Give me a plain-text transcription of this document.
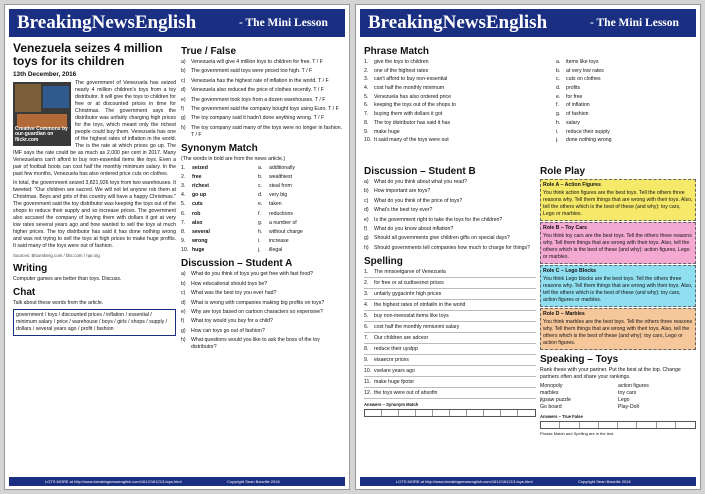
BreakingNewsEnglish	- The Mini Lesson
Venezuela seizes 4 million toys for its children
13th December, 2016
Creative Commons by our-guardian on flickr.com

The government of Venezuela has seized nearly 4 million children's toys from a toy distributor. It will give the toys to children for free or at discounted prices in time for Christmas. The government says the distributor was unfairly charging high prices for the toys, which meant only the richest people could buy them. Venezuela has one of the highest rates of inflation in the world. The is the rate at which prices go up. The IMF says the rate could be as much as 2,000 per cent in 2017. Many Venezuelans can't afford to buy non-essential items like toys. Even a pair of football boots can cost half the monthly minimum salary. In the past few months, Venezuela has also ordered price cuts on clothes.

In total, the government seized 3,821,926 toys from two warehouses. It tweeted: "Our children are sacred. We will not let anyone rob them at Christmas. Boys and girls of this country will have a happy Christmas." The government said the toy distributor was keeping the toys out of the shops to reduce their supply and so increase prices. The government also accused the company of buying them with dollars it got at very low rates several years ago and how wanted to sell the toys at much higher prices. The toy distributor has said it has done nothing wrong and was not trying to sell the toys at high prices to make huge profits. It said many of the toys were out of fashion.

Sources: Bloomberg.com / bbc.com / npr.org
Writing
Computer games are better than toys. Discuss.
Chat
Talk about these words from the article.
government / toys / discounted prices / inflation / essential / minimum salary / price / warehouse / boys / girls / shops / supply / dollars / several years ago / profit / fashion
True / False
a)	Venezuela will give 4 million toys to children for free. T / F
b)	The government said toys were priced too high. T / F
c)	Venezuela has the highest rate of inflation in the world. T / F
d)	Venezuela also reduced the price of clothes recently. T / F
e)	The government took toys from a dozen warehouses. T / F
f)	The government said the company bought toys using Euro. T / F
g)	The toy company said it hadn't done anything wrong. T / F
h)	The toy company said many of the toys were no longer in fashion. T / F
Synonym Match
(The words in bold are from the news article.)
1.	seized	a.	additionally
2.	free	b.	wealthiest
3.	richest	c.	steal from
4.	go up	d.	very big
5.	cuts	e.	taken
6.	rob	f.	reductions
7.	also	g.	a number of
8.	several	h.	without charge
9.	wrong	i.	increase
10. huge	j.	illegal
Discussion – Student A
a)	What do you think of toys you get free with fast food?
b)	How educational should toys be?
c)	What was the best toy you ever had?
d)	What is wrong with companies making big profits on toys?
e)	Why are toys based on cartoon characters so expensive?
f)	What toy would you buy for a child?
g)	How can toys go out of fashion?
h)	What questions would you like to ask the boss of the toy distributor?
LOTS MORE at http://www.breakingnewsenglish.com/1612/161213-toys.html	Copyright Sean Banville 2016
BreakingNewsEnglish	- The Mini Lesson
Phrase Match
1.	give the toys to children	a.	items like toys
2.	one of the highest rates	b.	at very low rates
3.	can't afford to buy non-essential	c.	cuts on clothes
4.	cost half the monthly minimum	d.	profits
5.	Venezuela has also ordered price	e.	for free
6.	keeping the toys out of the shops to	f.	of inflation
7.	buying them with dollars it got	g.	of fashion
8.	The toy distributor has said it has	h.	salary
9.	make huge	i.	reduce their supply
10. It said many of the toys were out	j.	done nothing wrong
Discussion – Student B
a)	What do you think about what you read?
b)	How important are toys?
c)	What do you think of the price of toys?
d)	What's the best toy ever?
e)	Is the government right to take the toys for the children?
f)	What do you know about inflation?
g)	Should all governments give children gifts on special days?
h)	Should governments tell companies how much to charge for things?
Spelling
1.	The mnsoetgarve of Venezuela
2.	for free or at cudtsesnoi prices
3.	unfairly gygacinhr high prices
4.	the highest rates of otnfaiiln in the world
5.	buy non-ineesslat items like toys
6.	cost half the monthly mmiunmi salary
7.	Our children are adcesr
8.	reduce their uyslpp
9.	eisaecnr prices
10. vselare years ago
11. make huge fpotsr
12. the toys were out of ahsofin
Answers – Synonym Match
Role Play
Role A – Action Figures
You think action figures are the best toys. Tell the others three reasons why. Tell them things that are wrong with their toys. Also, tell the others which is the best of these (and why): toy cars, Lego or marbles.
Role B – Toy Cars
You think toy cars are the best toys. Tell the others three reasons why. Tell them things that are wrong with their toys. Also, tell the others which is the best of these (and why): action figures, Lego or marbles.
Role C – Lego Blocks
You think Lego blocks are the best toys. Tell the others three reasons why. Tell them things that are wrong with their toys. Also, tell the others which is the best of these (and why): toy cars, action figures or marbles.
Role D – Marbles
You think marbles are the best toys. Tell the others three reasons why. Tell them things that are wrong with their toys. Also, tell the others which is the best of these (and why): toy cars, Lego or action figures.
Speaking – Toys
Rank these with your partner. Put the best at the top. Change partners often and share your rankings.
Monopoly	action figures
marbles	toy cars
jigsaw puzzle	Lego
Go board	Play-Doh
Answers – True False
Phrase Match and Spelling are in the text.
LOTS MORE at http://www.breakingnewsenglish.com/1612/161213-toys.html	Copyright Sean Banville 2016
